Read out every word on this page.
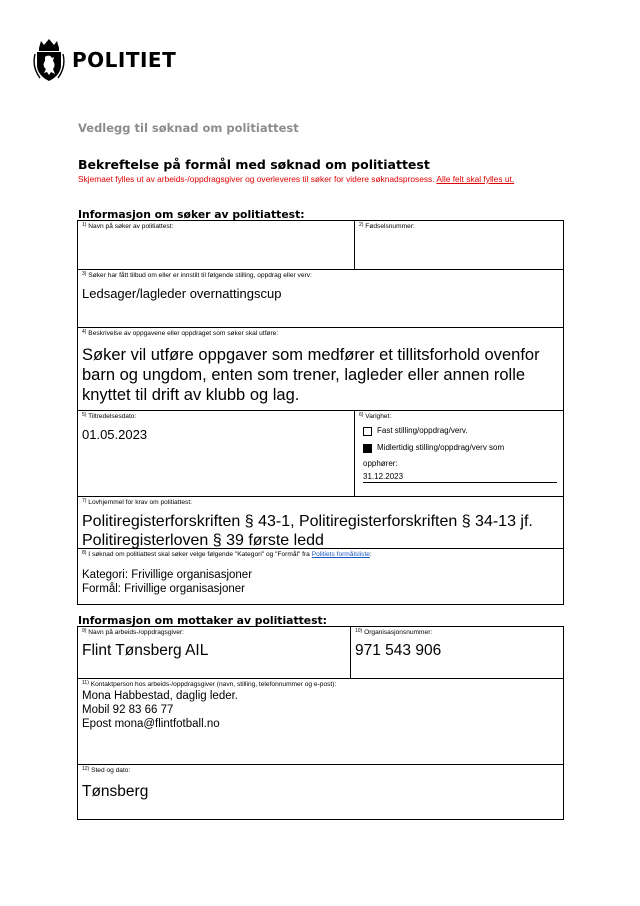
POLITIET
Vedlegg til søknad om politiattest
Bekreftelse på formål med søknad om politiattest
Skjemaet fylles ut av arbeids-/oppdragsgiver og overleveres til søker for videre søknadsprosess. Alle felt skal fylles ut.
Informasjon om søker av politiattest:
$^{1)}$ Navn på søker av politiattest:	$^{2)}$ Fødselsnummer:
$^{3)}$ Søker har fått tilbud om eller er innstilt til følgende stilling, oppdrag eller verv:
Ledsager/lagleder overnattingscup
$^{4)}$ Beskrivelse av oppgavene eller oppdraget som søker skal utføre:
Søker vil utføre oppgaver som medfører et tillitsforhold ovenfor barn og ungdom, enten som trener, lagleder eller annen rolle knyttet til drift av klubb og lag.
$^{5)}$ Tiltredelsesdato:
01.05.2023
$^{6)}$ Varighet:
Fast stilling/oppdrag/verv.
Midlertidig stilling/oppdrag/verv som
opphører:
31.12.2023
$^{7)}$ Lovhjemmel for krav om politiattest:
Politiregisterforskriften § 43-1, Politiregisterforskriften § 34-13 jf. Politiregisterloven § 39 første ledd
$^{8)}$ I søknad om politiattest skal søker velge følgende "Kategori" og "Formål" fra Politiets formålsliste:
Kategori: Frivillige organisasjoner
Formål: Frivillige organisasjoner
Informasjon om mottaker av politiattest:
$^{9)}$ Navn på arbeids-/oppdragsgiver:
Flint Tønsberg AIL
$^{10)}$ Organisasjonsnummer:
971 543 906
$^{11)}$ Kontaktperson hos arbeids-/oppdragsgiver (navn, stilling, telefonnummer og e-post):
Mona Habbestad, daglig leder.
Mobil 92 83 66 77
Epost mona@flintfotball.no
$^{12)}$ Sted og dato:
Tønsberg
